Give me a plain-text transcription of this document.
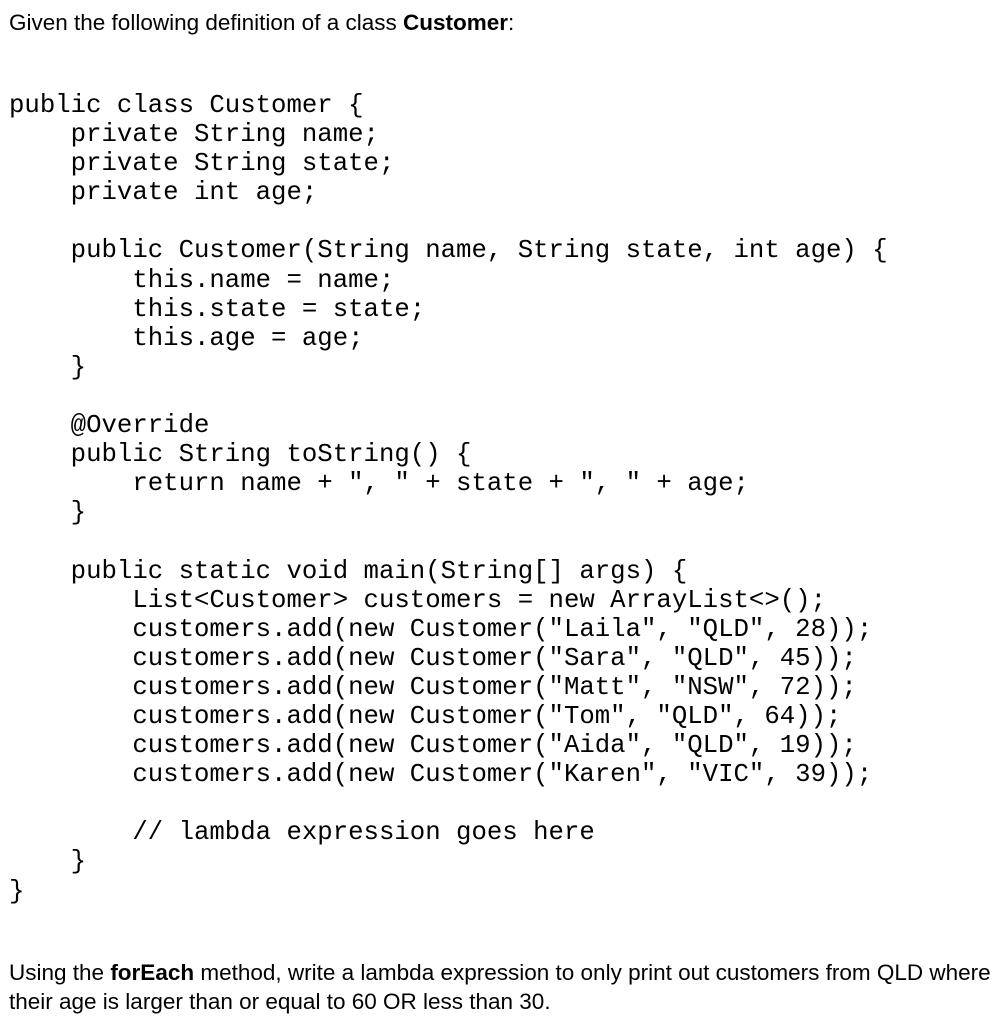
Given the following definition of a class Customer:
public class Customer {
private String name;
private String state;
private int age;
public Customer(String name, String state, int age) {
this.name = name;
this.state = state;
this.age = age;
}
@Override
public String toString() {
return name + ", " + state + ", " + age;
}
public static void main(String[] args) {
List<Customer> customers = new ArrayList<>();
customers.add(new Customer("Laila", "QLD", 28));
customers.add(new Customer("Sara", "QLD", 45));
customers.add(new Customer("Matt", "NSW", 72));
customers.add(new Customer("Tom", "QLD", 64));
customers.add(new Customer("Aida", "QLD", 19));
customers.add(new Customer("Karen", "VIC", 39));
// lambda expression goes here
}
}
Using the forEach method, write a lambda expression to only print out customers from QLD where their age is larger than or equal to 60 OR less than 30.
